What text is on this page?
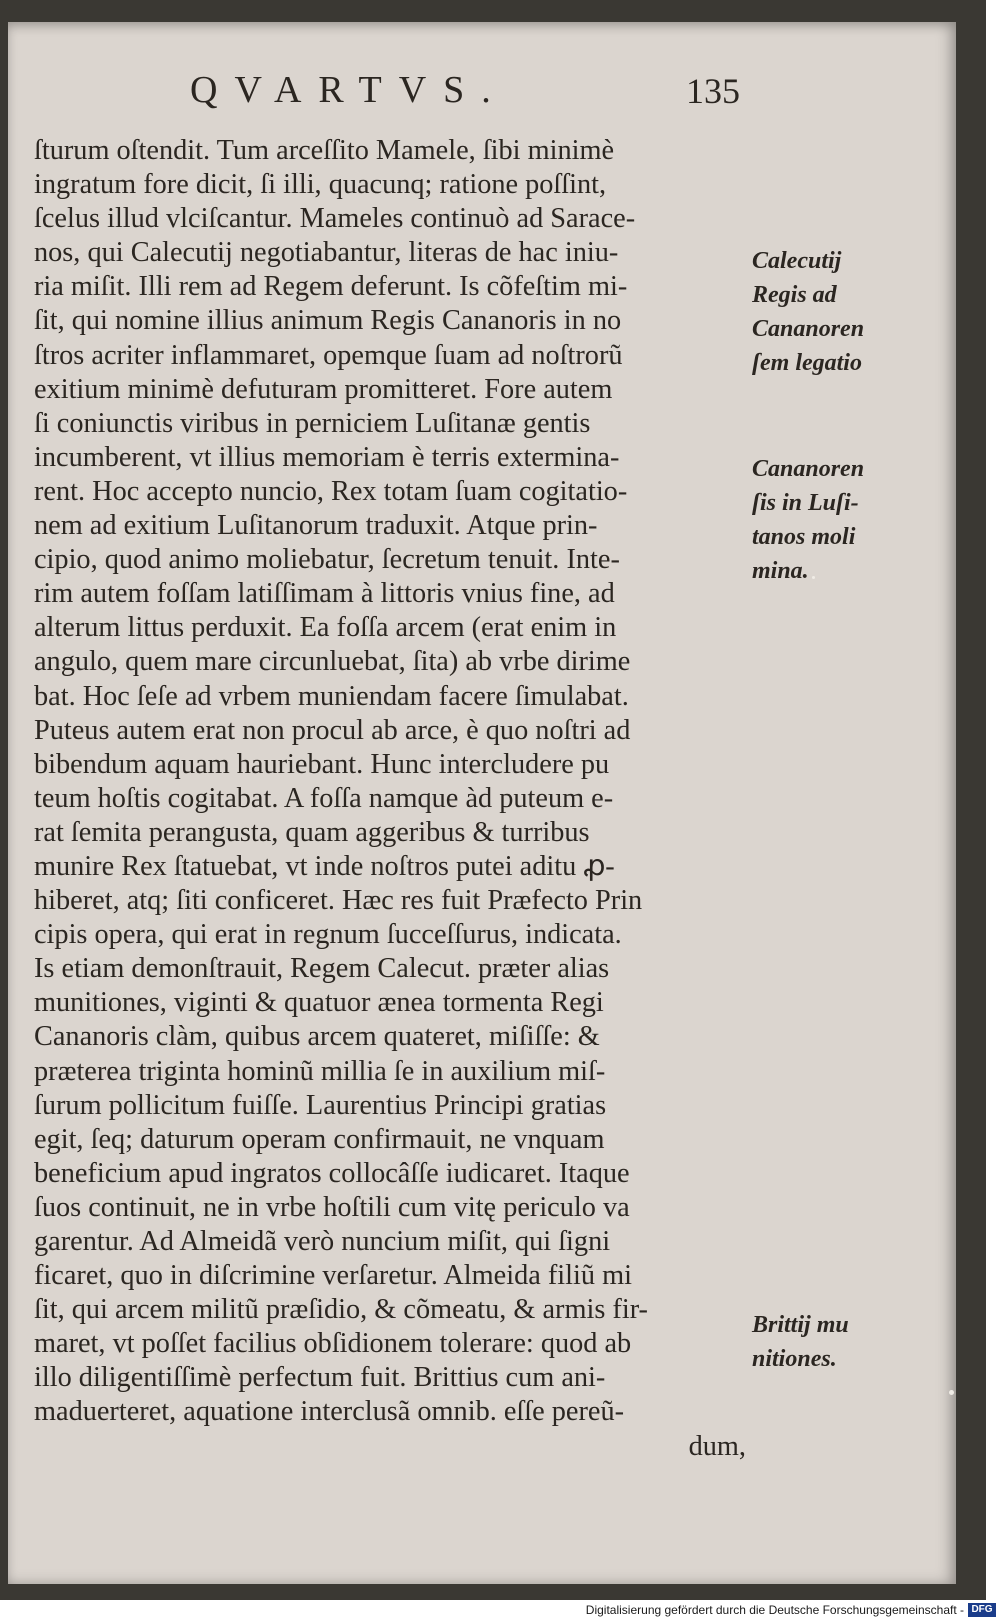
QVARTVS.	135
ſturum oſtendit. Tum arceſſito Mamele, ſibi minimè
ingratum fore dicit, ſi illi, quacunq; ratione poſſint,
ſcelus illud vlciſcantur. Mameles continuò ad Sarace-
nos, qui Calecutij negotiabantur, literas de hac iniu-
ria miſit. Illi rem ad Regem deferunt. Is cõfeſtim mi-
ſit, qui nomine illius animum Regis Cananoris in no
ſtros acriter inflammaret, opemque ſuam ad noſtrorũ
exitium minimè defuturam promitteret. Fore autem
ſi coniunctis viribus in perniciem Luſitanæ gentis
incumberent, vt illius memoriam è terris extermina-
rent. Hoc accepto nuncio, Rex totam ſuam cogitatio-
nem ad exitium Luſitanorum traduxit. Atque prin-
cipio, quod animo moliebatur, ſecretum tenuit. Inte-
rim autem foſſam latiſſimam à littoris vnius fine, ad
alterum littus perduxit. Ea foſſa arcem (erat enim in
angulo, quem mare circunluebat, ſita) ab vrbe dirime
bat. Hoc ſeſe ad vrbem muniendam facere ſimulabat.
Puteus autem erat non procul ab arce, è quo noſtri ad
bibendum aquam hauriebant. Hunc intercludere pu
teum hoſtis cogitabat. A foſſa namque àd puteum e-
rat ſemita perangusta, quam aggeribus & turribus
munire Rex ſtatuebat, vt inde noſtros putei aditu ꝓ-
hiberet, atq; ſiti conficeret. Hæc res fuit Præfecto Prin
cipis opera, qui erat in regnum ſucceſſurus, indicata.
Is etiam demonſtrauit, Regem Calecut. præter alias
munitiones, viginti & quatuor ænea tormenta Regi
Cananoris clàm, quibus arcem quateret, miſiſſe: &
præterea triginta hominũ millia ſe in auxilium miſ-
ſurum pollicitum fuiſſe. Laurentius Principi gratias
egit, ſeq; daturum operam confirmauit, ne vnquam
beneficium apud ingratos collocâſſe iudicaret. Itaque
ſuos continuit, ne in vrbe hoſtili cum vitę periculo va
garentur. Ad Almeidã verò nuncium miſit, qui ſigni
ficaret, quo in diſcrimine verſaretur. Almeida filiũ mi
ſit, qui arcem militũ præſidio, & cõmeatu, & armis fir-
maret, vt poſſet facilius obſidionem tolerare: quod ab
illo diligentiſſimè perfectum fuit. Brittius cum ani-
maduerteret, aquatione interclusã omnib. eſſe pereũ-
dum,
Calecutij
Regis ad
Cananoren
ſem legatio
Cananoren
ſis in Luſi-
tanos moli
mina.
Brittij mu
nitiones.
Digitalisierung gefördert durch die Deutsche Forschungsgemeinschaft - DFG
